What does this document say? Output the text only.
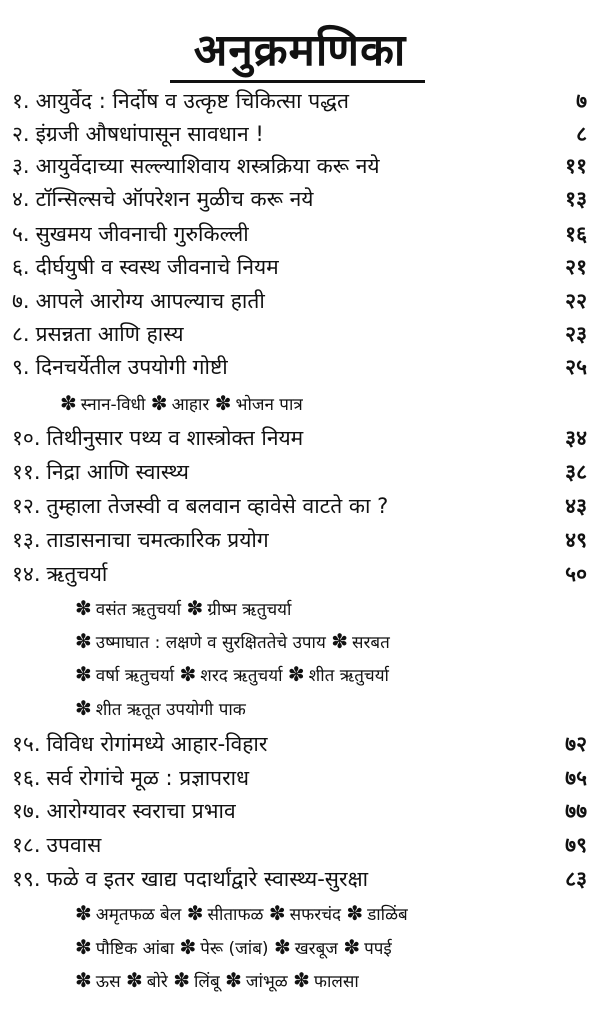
अनुक्रमणिका
१. आयुर्वेद : निर्दोष व उत्कृष्ट चिकित्सा पद्धत	७
२. इंग्रजी औषधांपासून सावधान !	८
३. आयुर्वेदाच्या सल्ल्याशिवाय शस्त्रक्रिया करू नये	११
४. टॉन्सिल्सचे ऑपरेशन मुळीच करू नये	१३
५. सुखमय जीवनाची गुरुकिल्ली	१६
६. दीर्घयुषी व स्वस्थ जीवनाचे नियम	२१
७. आपले आरोग्य आपल्याच हाती	२२
८. प्रसन्नता आणि हास्य	२३
९. दिनचर्येतील उपयोगी गोष्टी	२५
१०. तिथीनुसार पथ्य व शास्त्रोक्त नियम	३४
११. निद्रा आणि स्वास्थ्य	३८
१२. तुम्हाला तेजस्वी व बलवान व्हावेसे वाटते का ?	४३
१३. ताडासनाचा चमत्कारिक प्रयोग	४९
१४. ऋतुचर्या	५०
१५. विविध रोगांमध्ये आहार-विहार	७२
१६. सर्व रोगांचे मूळ : प्रज्ञापराध	७५
१७. आरोग्यावर स्वराचा प्रभाव	७७
१८. उपवास	७९
१९. फळे व इतर खाद्य पदार्थांद्वारे स्वास्थ्य-सुरक्षा	८३
✽ स्नान-विधी ✽ आहार ✽ भोजन पात्र
✽ वसंत ऋतुचर्या ✽ ग्रीष्म ऋतुचर्या
✽ उष्माघात : लक्षणे व सुरक्षिततेचे उपाय ✽ सरबत
✽ वर्षा ऋतुचर्या ✽ शरद ऋतुचर्या ✽ शीत ऋतुचर्या
✽ शीत ऋतूत उपयोगी पाक
✽ अमृतफळ बेल ✽ सीताफळ ✽ सफरचंद ✽ डाळिंब
✽ पौष्टिक आंबा ✽ पेरू (जांब) ✽ खरबूज ✽ पपई
✽ ऊस ✽ बोरे ✽ लिंबू ✽ जांभूळ ✽ फालसा
